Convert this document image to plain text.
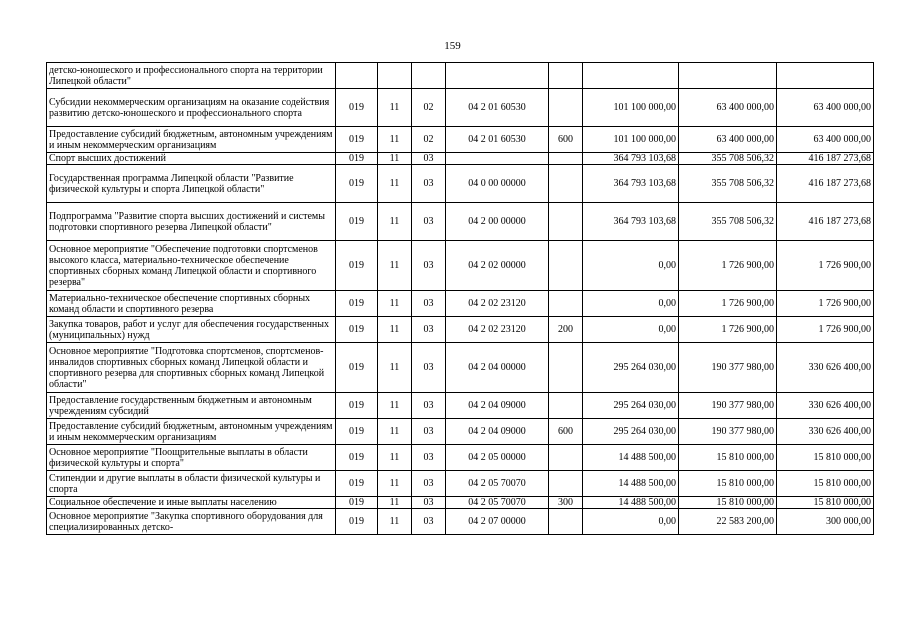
159
детско-юношеского и профессионального спорта на территории Липецкой области"								
Субсидии некоммерческим организациям на оказание содействия развитию детско-юношеского и профессионального спорта	019	11	02	04 2 01 60530		101 100 000,00	63 400 000,00	63 400 000,00
Предоставление субсидий бюджетным, автономным учреждениям и иным некоммерческим организациям	019	11	02	04 2 01 60530	600	101 100 000,00	63 400 000,00	63 400 000,00
Спорт высших достижений	019	11	03			364 793 103,68	355 708 506,32	416 187 273,68
Государственная программа Липецкой области "Развитие физической культуры и спорта Липецкой области"	019	11	03	04 0 00 00000		364 793 103,68	355 708 506,32	416 187 273,68
Подпрограмма "Развитие спорта высших достижений и системы подготовки спортивного резерва Липецкой области"	019	11	03	04 2 00 00000		364 793 103,68	355 708 506,32	416 187 273,68
Основное мероприятие "Обеспечение подготовки спортсменов высокого класса, материально-техническое обеспечение спортивных сборных команд Липецкой области и спортивного резерва"	019	11	03	04 2 02 00000		0,00	1 726 900,00	1 726 900,00
Материально-техническое обеспечение спортивных сборных команд области и спортивного резерва	019	11	03	04 2 02 23120		0,00	1 726 900,00	1 726 900,00
Закупка товаров, работ и услуг для обеспечения государственных (муниципальных) нужд	019	11	03	04 2 02 23120	200	0,00	1 726 900,00	1 726 900,00
Основное мероприятие "Подготовка спортсменов, спортсменов-инвалидов спортивных сборных команд Липецкой области и спортивного резерва для спортивных сборных команд Липецкой области"	019	11	03	04 2 04 00000		295 264 030,00	190 377 980,00	330 626 400,00
Предоставление государственным бюджетным и автономным учреждениям субсидий	019	11	03	04 2 04 09000		295 264 030,00	190 377 980,00	330 626 400,00
Предоставление субсидий бюджетным, автономным учреждениям и иным некоммерческим организациям	019	11	03	04 2 04 09000	600	295 264 030,00	190 377 980,00	330 626 400,00
Основное мероприятие "Поощрительные выплаты в области физической культуры и спорта"	019	11	03	04 2 05 00000		14 488 500,00	15 810 000,00	15 810 000,00
Стипендии и другие выплаты в области физической культуры и спорта	019	11	03	04 2 05 70070		14 488 500,00	15 810 000,00	15 810 000,00
Социальное обеспечение и иные выплаты населению	019	11	03	04 2 05 70070	300	14 488 500,00	15 810 000,00	15 810 000,00
Основное мероприятие "Закупка спортивного оборудования для специализированных детско-	019	11	03	04 2 07 00000		0,00	22 583 200,00	300 000,00
